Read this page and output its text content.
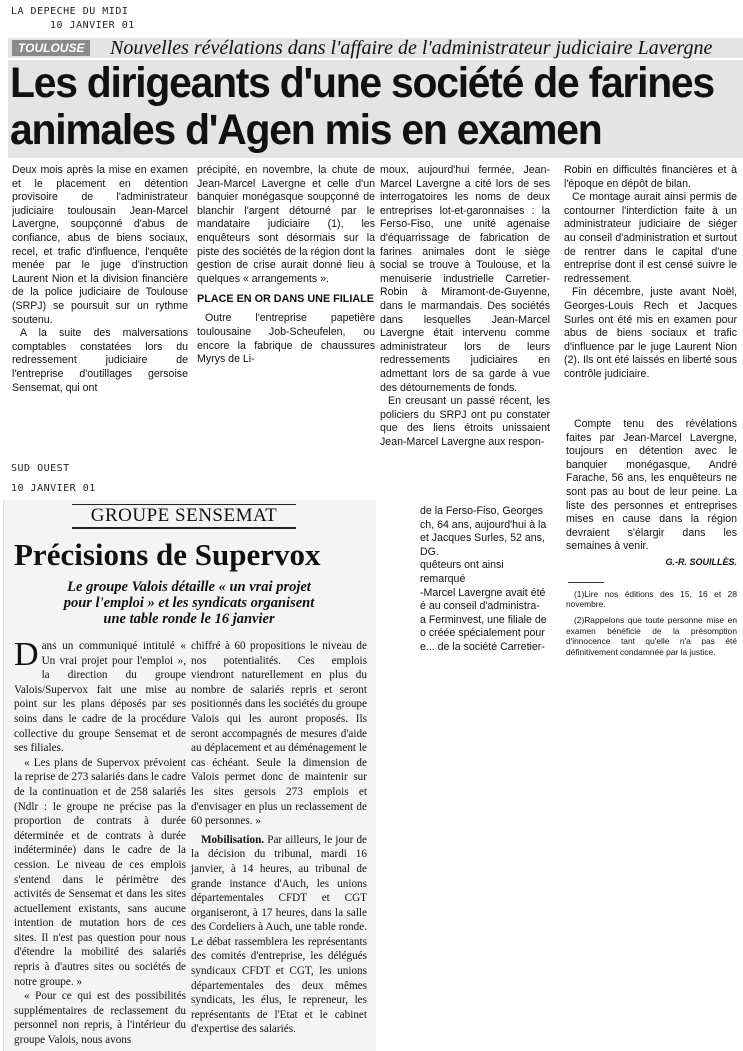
LA DEPECHE DU MIDI
10 JANVIER 01
TOULOUSE	Nouvelles révélations dans l'affaire de l'administrateur judiciaire Lavergne
Les dirigeants d'une société de farines
animales d'Agen mis en examen

Deux mois après la mise en examen et le placement en détention provisoire de l'administrateur judiciaire toulousain Jean-Marcel Lavergne, soupçonné d'abus de confiance, abus de biens sociaux, recel, et trafic d'influence, l'enquête menée par le juge d'instruction Laurent Nion et la division financière de la police judiciaire de Toulouse (SRPJ) se poursuit sur un rythme soutenu.

A la suite des malversations comptables constatées lors du redressement judiciaire de l'entreprise d'outillages gersoise Sensemat, qui ont

précipité, en novembre, la chute de Jean-Marcel Lavergne et celle d'un banquier monégasque soupçonné de blanchir l'argent détourné par le mandataire judiciaire (1), les enquêteurs sont désormais sur la piste des sociétés de la région dont la gestion de crise aurait donné lieu à quelques « arrangements ».

PLACE EN OR DANS UNE FILIALE

Outre l'entreprise papetière toulousaine Job-Scheufelen, ou encore la fabrique de chaussures Myrys de Li-

moux, aujourd'hui fermée, Jean-Marcel Lavergne a cité lors de ses interrogatoires les noms de deux entreprises lot-et-garonnaises : la Ferso-Fiso, une unité agenaise d'équarrissage de fabrication de farines animales dont le siège social se trouve à Toulouse, et la menuiserie industrielle Carretier-Robin à Miramont-de-Guyenne, dans le marmandais. Des sociétés dans lesquelles Jean-Marcel Lavergne était intervenu comme administrateur lors de leurs redressements judiciaires en admettant lors de sa garde à vue des détournements de fonds.

En creusant un passé récent, les policiers du SRPJ ont pu constater que des liens étroits unissaient Jean-Marcel Lavergne aux respon-

de la Ferso-Fiso, Georges
ch, 64 ans, aujourd'hui à la
et Jacques Surles, 52 ans,
DG.
quêteurs ont ainsi remarqué
-Marcel Lavergne avait été
é au conseil d'administra-
a Ferminvest, une filiale de
o créée spécialement pour
e... de la société Carretier-

Robin en difficultés financières et à l'époque en dépôt de bilan.

Ce montage aurait ainsi permis de contourner l'interdiction faite à un administrateur judiciaire de siéger au conseil d'administration et surtout de rentrer dans le capital d'une entreprise dont il est censé suivre le redressement.

Fin décembre, juste avant Noël, Georges-Louis Rech et Jacques Surles ont été mis en examen pour abus de biens sociaux et trafic d'influence par le juge Laurent Nion (2). Ils ont été laissés en liberté sous contrôle judiciaire.

Compte tenu des révélations faites par Jean-Marcel Lavergne, toujours en détention avec le banquier monégasque, André Farache, 56 ans, les enquêteurs ne sont pas au bout de leur peine. La liste des personnes et entreprises mises en cause dans la région devraient s'élargir dans les semaines à venir.

G.-R. SOUILLÈS.

(1)Lire nos éditions des 15, 16 et 28 novembre.

(2)Rappelons que toute personne mise en examen bénéficie de la présomption d'innocence tant qu'elle n'a pas été définitivement condamnée par la justice.

SUD OUEST
10 JANVIER 01
GROUPE SENSEMAT
Précisions de Supervox
Le groupe Valois détaille « un vrai projet
pour l'emploi » et les syndicats organisent
une table ronde le 16 janvier

Dans un communiqué intitulé « Un vrai projet pour l'emploi », la direction du groupe Valois/Supervox fait une mise au point sur les plans déposés par ses soins dans le cadre de la procédure collective du groupe Sensemat et de ses filiales.

« Les plans de Supervox prévoient la reprise de 273 salariés dans le cadre de la continuation et de 258 salariés (Ndlr : le groupe ne précise pas la proportion de contrats à durée déterminée et de contrats à durée indéterminée) dans le cadre de la cession. Le niveau de ces emplois s'entend dans le périmètre des activités de Sensemat et dans les sites actuellement existants, sans aucune intention de mutation hors de ces sites. Il n'est pas question pour nous d'étendre la mobilité des salariés repris à d'autres sites ou sociétés de notre groupe. »

« Pour ce qui est des possibilités supplémentaires de reclassement du personnel non repris, à l'intérieur du groupe Valois, nous avons

chiffré à 60 propositions le niveau de nos potentialités. Ces emplois viendront naturellement en plus du nombre de salariés repris et seront positionnés dans les sociétés du groupe Valois qui les auront proposés. Ils seront accompagnés de mesures d'aide au déplacement et au déménagement le cas échéant. Seule la dimension de Valois permet donc de maintenir sur les sites gersois 273 emplois et d'envisager en plus un reclassement de 60 personnes. »

Mobilisation. Par ailleurs, le jour de la décision du tribunal, mardi 16 janvier, à 14 heures, au tribunal de grande instance d'Auch, les unions départementales CFDT et CGT organiseront, à 17 heures, dans la salle des Cordeliers à Auch, une table ronde. Le débat rassemblera les représentants des comités d'entreprise, les délégués syndicaux CFDT et CGT, les unions départementales des deux mêmes syndicats, les élus, le repreneur, les représentants de l'Etat et le cabinet d'expertise des salariés.
